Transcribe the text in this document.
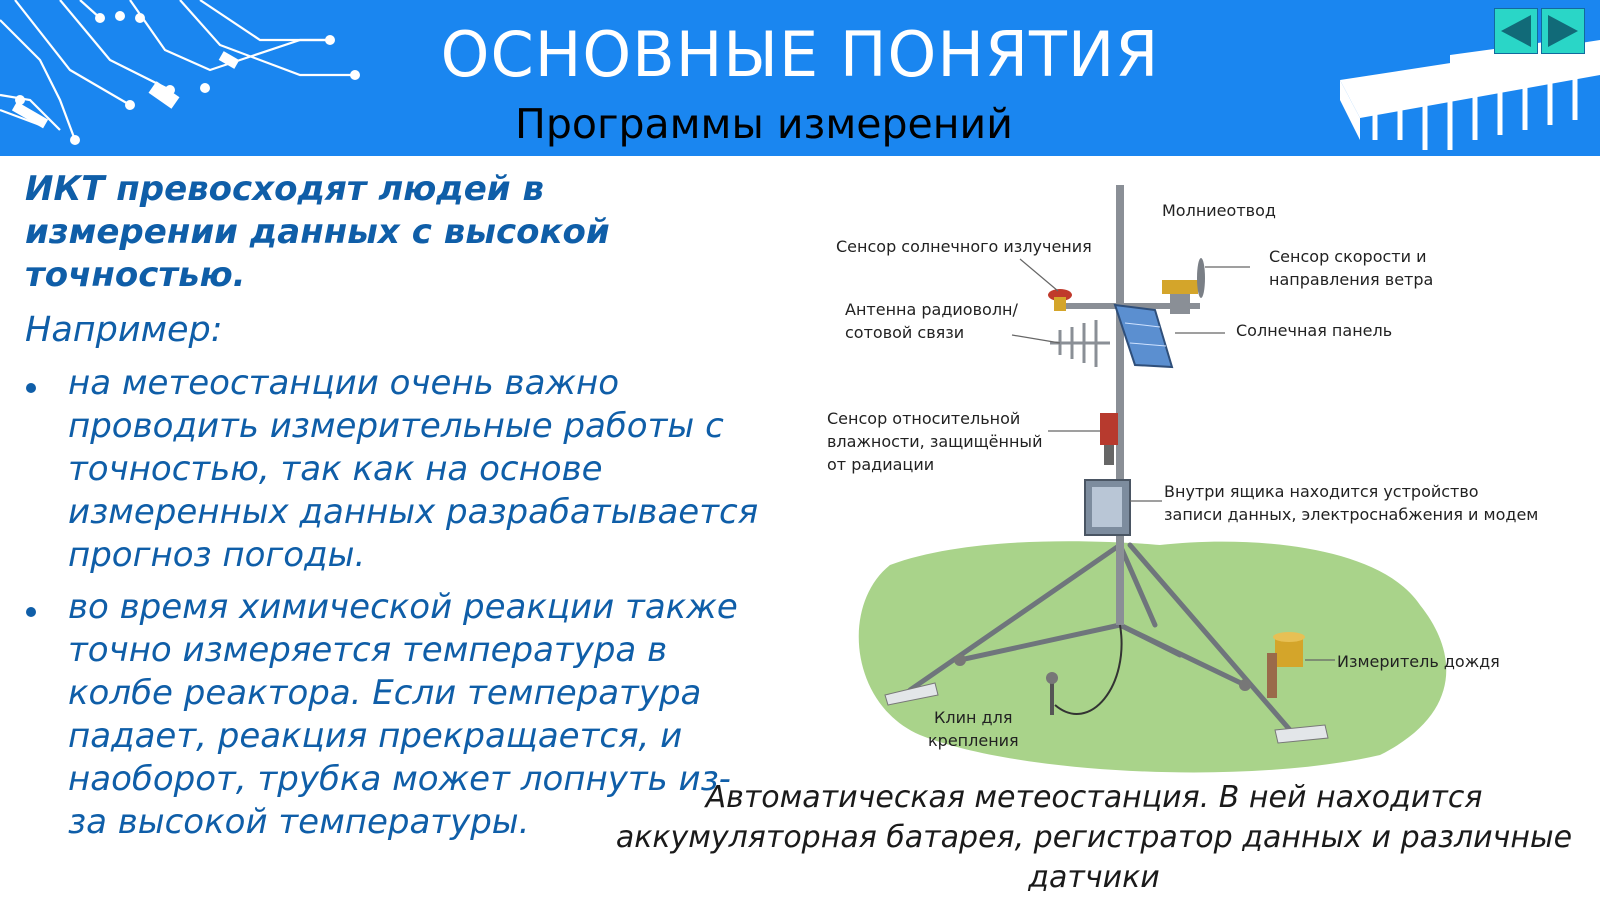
ОСНОВНЫЕ ПОНЯТИЯ
Программы измерений

ИКТ превосходят людей в измерении данных с высокой точностью.

Например:

на метеостанции очень важно проводить измерительные работы с точностью, так как на основе измеренных данных разрабатывается прогноз погоды.

во время химической реакции также точно измеряется температура в колбе реактора. Если температура падает, реакция прекращается, и наоборот, трубка может лопнуть из-за высокой температуры.

Молниеотвод
Сенсор солнечного излучения
Сенсор скорости и
направления ветра
Антенна радиоволн/
сотовой связи	Солнечная панель
Сенсор относительной
влажности, защищённый
от радиации
Внутри ящика находится устройство
записи данных, электроснабжения и модем
Измеритель дождя
Клин для
крепления

Автоматическая метеостанция. В ней находится аккумуляторная батарея, регистратор данных и различные датчики
